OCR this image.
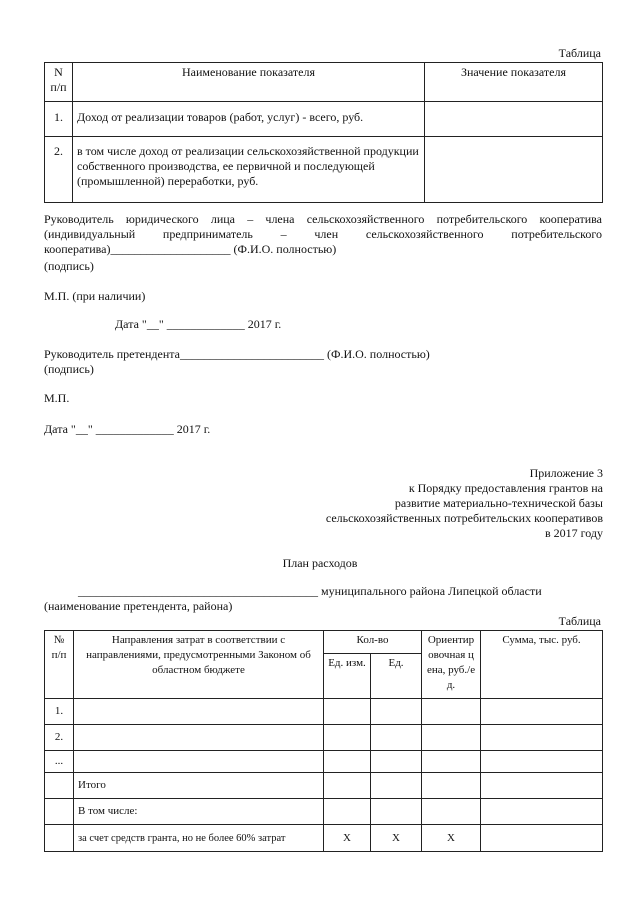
Таблица
N п/п	Наименование показателя	Значение показателя
1.	Доход от реализации товаров (работ, услуг) - всего, руб.	
2.	в том числе доход от реализации сельскохозяйственной продукции собственного производства, ее первичной и последующей (промышленной) переработки, руб.	
Руководитель юридического лица – члена сельскохозяйственного потребительского кооператива (индивидуальный предприниматель – член сельскохозяйственного потребительского кооператива)____________________ (Ф.И.О. полностью)
(подпись)
М.П. (при наличии)
Дата "__" _____________ 2017 г.
Руководитель претендента________________________ (Ф.И.О. полностью)
(подпись)
М.П.
Дата "__" _____________ 2017 г.
Приложение 3
к Порядку предоставления грантов на
развитие материально-технической базы
сельскохозяйственных потребительских кооперативов
в 2017 году
План расходов
________________________________________ муниципального района Липецкой области
(наименование претендента, района)
Таблица
№ п/п	Направления затрат в соответствии с направлениями, предусмотренными Законом об областном бюджете	Кол-во		Ориентировочная цена, руб./ед.	Сумма, тыс. руб.
		Ед. изм.	Ед.		
1.					
2.					
...					
	Итого				
	В том числе:				
	за счет средств гранта, но не более 60% затрат	Х	Х	Х	
